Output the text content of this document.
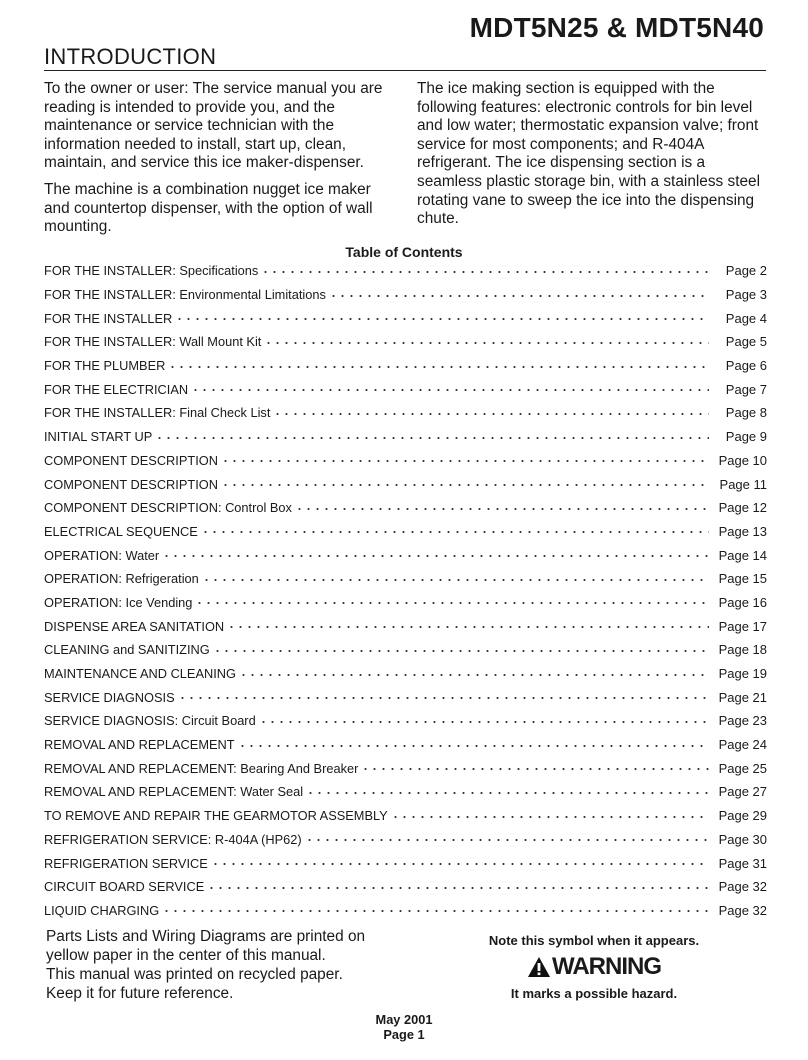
MDT5N25 & MDT5N40
INTRODUCTION

To the owner or user: The service manual you are reading is intended to provide you, and the maintenance or service technician with the information needed to install, start up, clean, maintain, and service this ice maker-dispenser.

The machine is a combination nugget ice maker and countertop dispenser, with the option of wall mounting.

The ice making section is equipped with the following features: electronic controls for bin level and low water; thermostatic expansion valve; front service for most components; and R-404A refrigerant. The ice dispensing section is a seamless plastic storage bin, with a stainless steel rotating vane to sweep the ice into the dispensing chute.

Table of Contents
FOR THE INSTALLER: Specifications	Page 2
FOR THE INSTALLER: Environmental Limitations	Page 3
FOR THE INSTALLER	Page 4
FOR THE INSTALLER: Wall Mount Kit	Page 5
FOR THE PLUMBER	Page 6
FOR THE ELECTRICIAN	Page 7
FOR THE INSTALLER: Final Check List	Page 8
INITIAL START UP	Page 9
COMPONENT DESCRIPTION	Page 10
COMPONENT DESCRIPTION	Page 11
COMPONENT DESCRIPTION: Control Box	Page 12
ELECTRICAL SEQUENCE	Page 13
OPERATION: Water	Page 14
OPERATION: Refrigeration	Page 15
OPERATION: Ice Vending	Page 16
DISPENSE AREA SANITATION	Page 17
CLEANING and SANITIZING	Page 18
MAINTENANCE AND CLEANING	Page 19
SERVICE DIAGNOSIS	Page 21
SERVICE DIAGNOSIS: Circuit Board	Page 23
REMOVAL AND REPLACEMENT	Page 24
REMOVAL AND REPLACEMENT: Bearing And Breaker	Page 25
REMOVAL AND REPLACEMENT: Water Seal	Page 27
TO REMOVE AND REPAIR THE GEARMOTOR ASSEMBLY	Page 29
REFRIGERATION SERVICE: R-404A (HP62)	Page 30
REFRIGERATION SERVICE	Page 31
CIRCUIT BOARD SERVICE	Page 32
LIQUID CHARGING	Page 32

Parts Lists and Wiring Diagrams are printed on

yellow paper in the center of this manual.

This manual was printed on recycled paper.

Keep it for future reference.

Note this symbol when it appears.
WARNING
It marks a possible hazard.
May 2001
Page 1
